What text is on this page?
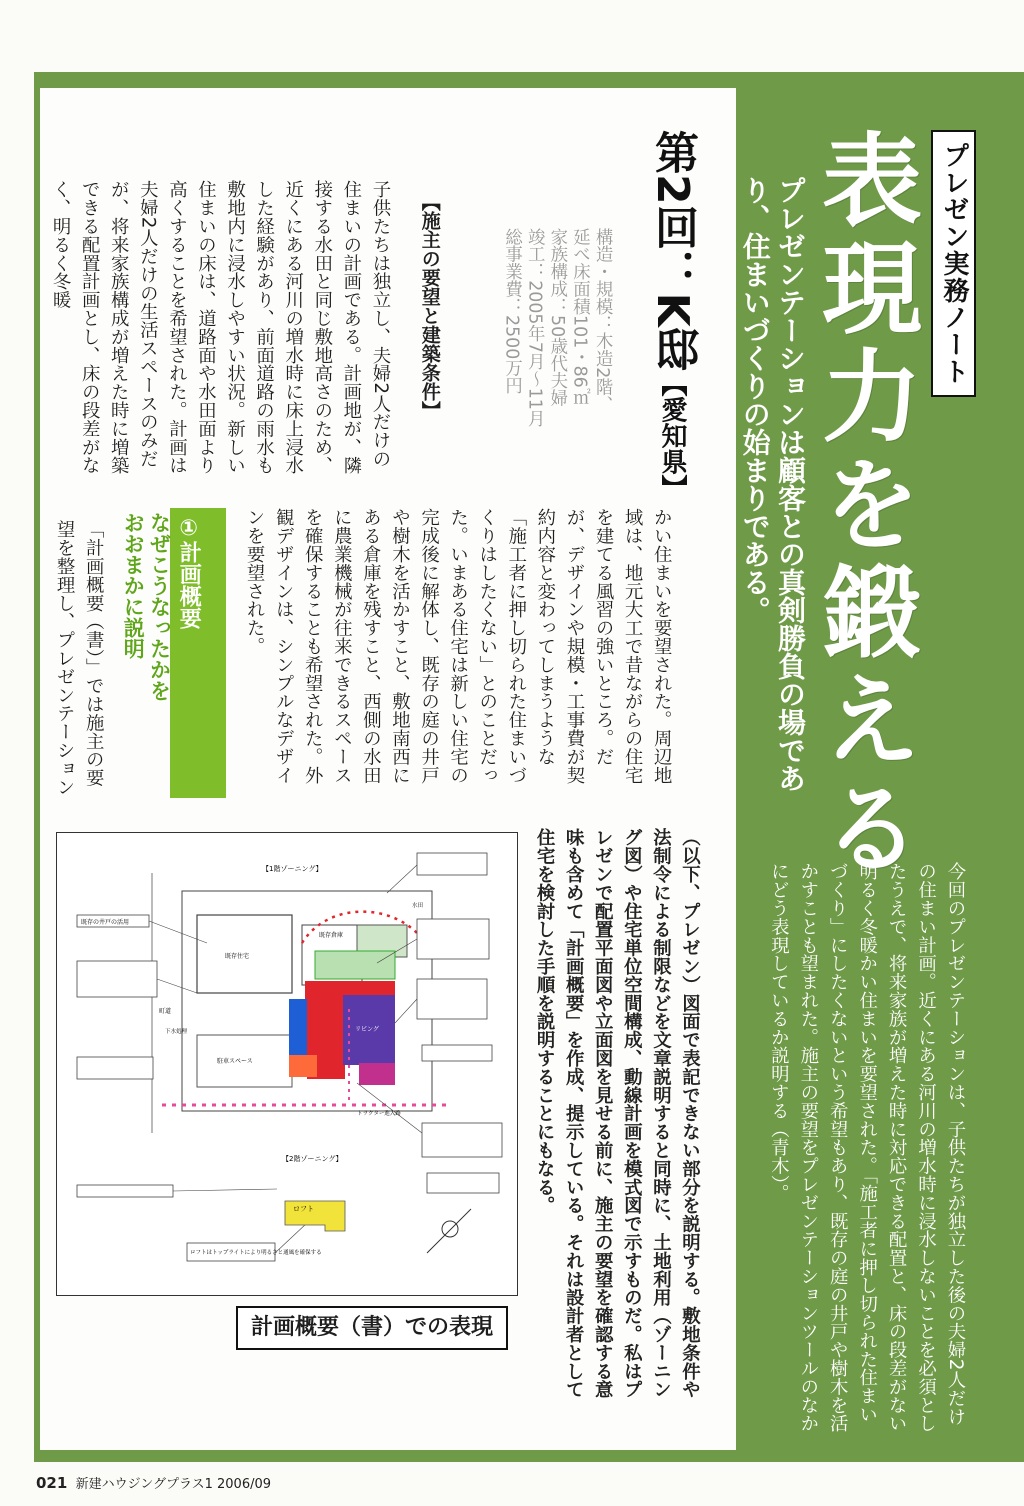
プレゼン実務ノート
表現力を鍛える
プレゼンテーションは顧客との真剣勝負の場であり、住まいづくりの始まりである。
今回のプレゼンテーションは、子供たちが独立した後の夫婦2人だけの住まい計画。近くにある河川の増水時に浸水しないことを必須としたうえで、将来家族が増えた時に対応できる配置と、床の段差がない明るく冬暖かい住まいを要望された。「施工者に押し切られた住まいづくり」にしたくないという希望もあり、既存の庭の井戸や樹木を活かすことも望まれた。施主の要望をプレゼンテーションツールのなかにどう表現しているか説明する（青木）。
第2回：K邸【愛知県】
構造・規模：木造2階、
延べ床面積101・86㎡
家族構成：50歳代夫婦
竣工：2005年7月～11月
総事業費：2500万円
【施主の要望と建築条件】
子供たちは独立し、夫婦2人だけの住まいの計画である。計画地が、隣接する水田と同じ敷地高さのため、近くにある河川の増水時に床上浸水した経験があり、前面道路の雨水も敷地内に浸水しやすい状況。新しい住まいの床は、道路面や水田面より高くすることを希望された。計画は夫婦2人だけの生活スペースのみだが、将来家族構成が増えた時に増築できる配置計画とし、床の段差がなく、明るく冬暖
かい住まいを要望された。周辺地域は、地元大工で昔ながらの住宅を建てる風習の強いところ。だが、デザインや規模・工事費が契約内容と変わってしまうような「施工者に押し切られた住まいづくりはしたくない」とのことだった。いまある住宅は新しい住宅の完成後に解体し、既存の庭の井戸や樹木を活かすこと、敷地南西にある倉庫を残すこと、西側の水田に農業機械が往来できるスペースを確保することも希望された。外観デザインは、シンプルなデザインを要望された。
①計画概要
なぜこうなったかをおおまかに説明
「計画概要（書）」では施主の要望を整理し、プレゼンテーション
（以下、プレゼン）図面で表記できない部分を説明する。敷地条件や法制令による制限などを文章説明すると同時に、土地利用（ゾーニング図）や住宅単位空間構成、動線計画を模式図で示すものだ。私はプレゼンで配置平面図や立面図を見せる前に、施主の要望を確認する意味も含めて「計画概要」を作成、提示している。それは設計者として住宅を検討した手順を説明することにもなる。
【1階ゾーニング】
【2階ゾーニング】
既存の井戸の活用
ロフトはトップライトにより明るさと通風を確保する
既存住宅
既存倉庫
町道
下水処理
駐車スペース
トラクター進入路
水田
リビング
ロフト
計画概要（書）での表現
021 新建ハウジングプラス1 2006/09
